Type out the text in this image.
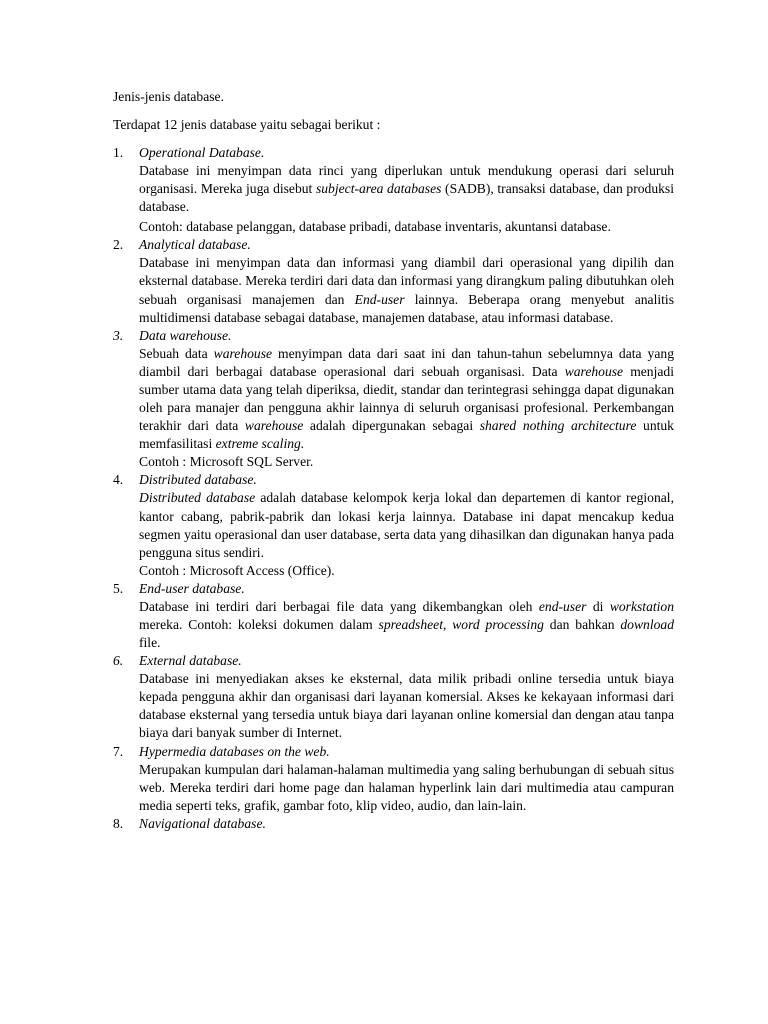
Jenis-jenis database.

Terdapat 12 jenis database yaitu sebagai berikut :

1. Operational Database.

Database ini menyimpan data rinci yang diperlukan untuk mendukung operasi dari seluruh organisasi. Mereka juga disebut subject-area databases (SADB), transaksi database, dan produksi database.

Contoh: database pelanggan, database pribadi, database inventaris, akuntansi database.

2. Analytical database.

Database ini menyimpan data dan informasi yang diambil dari operasional yang dipilih dan eksternal database. Mereka terdiri dari data dan informasi yang dirangkum paling dibutuhkan oleh sebuah organisasi manajemen dan End-user lainnya. Beberapa orang menyebut analitis multidimensi database sebagai database, manajemen database, atau informasi database.

3. Data warehouse.

Sebuah data warehouse menyimpan data dari saat ini dan tahun-tahun sebelumnya data yang diambil dari berbagai database operasional dari sebuah organisasi. Data warehouse menjadi sumber utama data yang telah diperiksa, diedit, standar dan terintegrasi sehingga dapat digunakan oleh para manajer dan pengguna akhir lainnya di seluruh organisasi profesional. Perkembangan terakhir dari data warehouse adalah dipergunakan sebagai shared nothing architecture untuk memfasilitasi extreme scaling.

Contoh : Microsoft SQL Server.

4. Distributed database.

Distributed database adalah database kelompok kerja lokal dan departemen di kantor regional, kantor cabang, pabrik-pabrik dan lokasi kerja lainnya. Database ini dapat mencakup kedua segmen yaitu operasional dan user database, serta data yang dihasilkan dan digunakan hanya pada pengguna situs sendiri.

Contoh : Microsoft Access (Office).

5. End-user database.

Database ini terdiri dari berbagai file data yang dikembangkan oleh end-user di workstation mereka. Contoh: koleksi dokumen dalam spreadsheet, word processing dan bahkan download file.

6. External database.

Database ini menyediakan akses ke eksternal, data milik pribadi online tersedia untuk biaya kepada pengguna akhir dan organisasi dari layanan komersial. Akses ke kekayaan informasi dari database eksternal yang tersedia untuk biaya dari layanan online komersial dan dengan atau tanpa biaya dari banyak sumber di Internet.

7. Hypermedia databases on the web.

Merupakan kumpulan dari halaman-halaman multimedia yang saling berhubungan di sebuah situs web. Mereka terdiri dari home page dan halaman hyperlink lain dari multimedia atau campuran media seperti teks, grafik, gambar foto, klip video, audio, dan lain-lain.

8. Navigational database.
